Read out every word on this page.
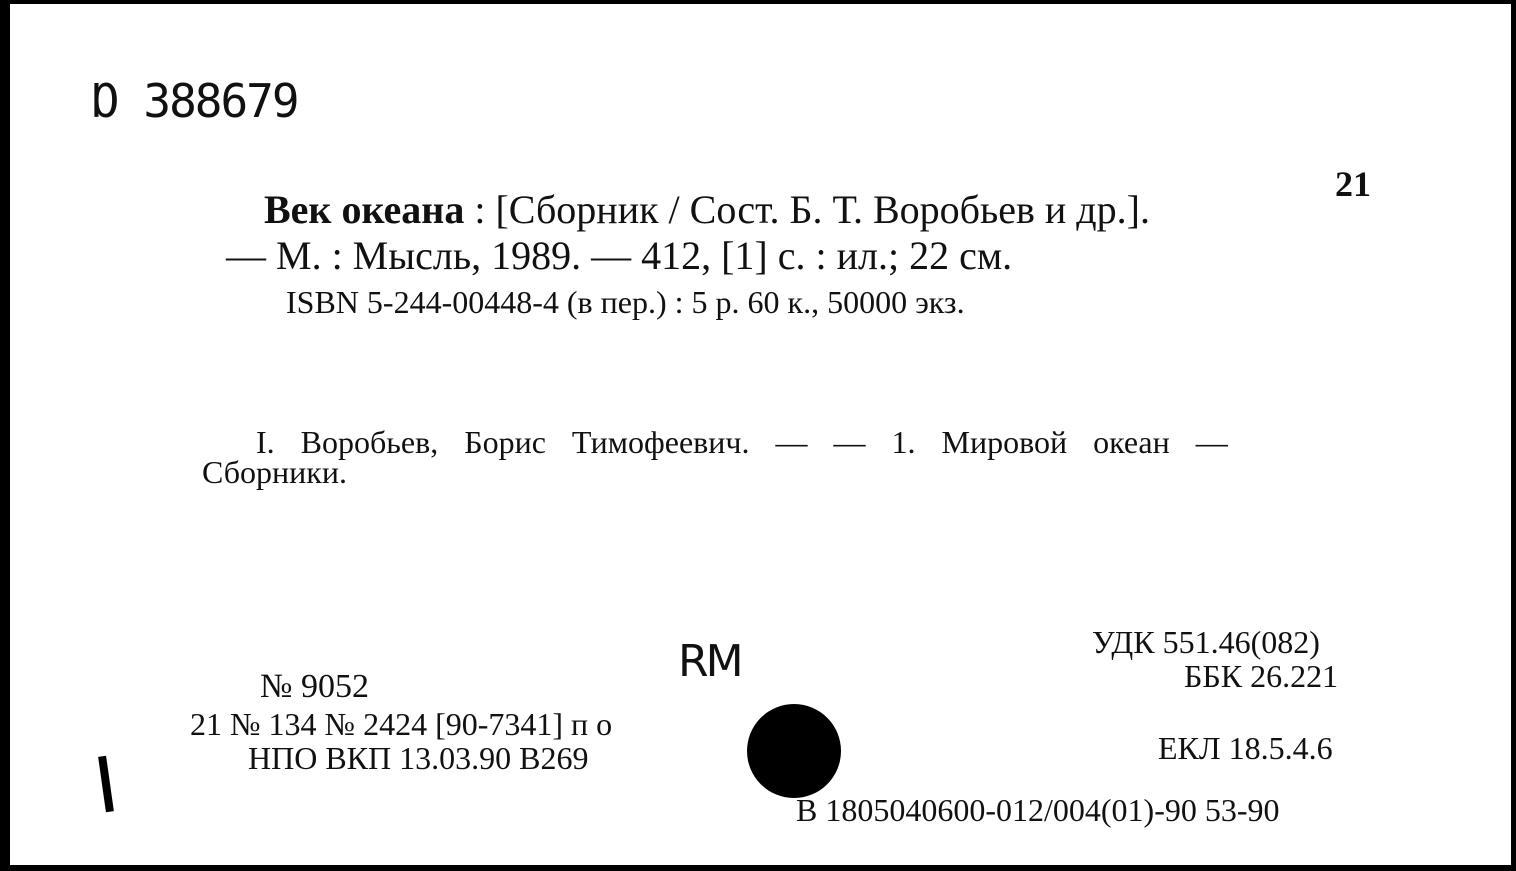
Ɒ 388679
21
Век океана : [Сборник / Сост. Б. Т. Воробьев и др.].
— М. : Мысль, 1989. — 412, [1] с. : ил.; 22 см.
ISBN 5-244-00448-4 (в пер.) : 5 р. 60 к., 50000 экз.
I. Воробьев, Борис Тимофеевич. — — 1. Мировой океан —
Сборники.
RM
№ 9052
21 № 134 № 2424 [90-7341] п о
НПО ВКП 13.03.90 В269
УДК 551.46(082)
ББК 26.221
ЕКЛ 18.5.4.6
В 1805040600-012/004(01)-90 53-90
